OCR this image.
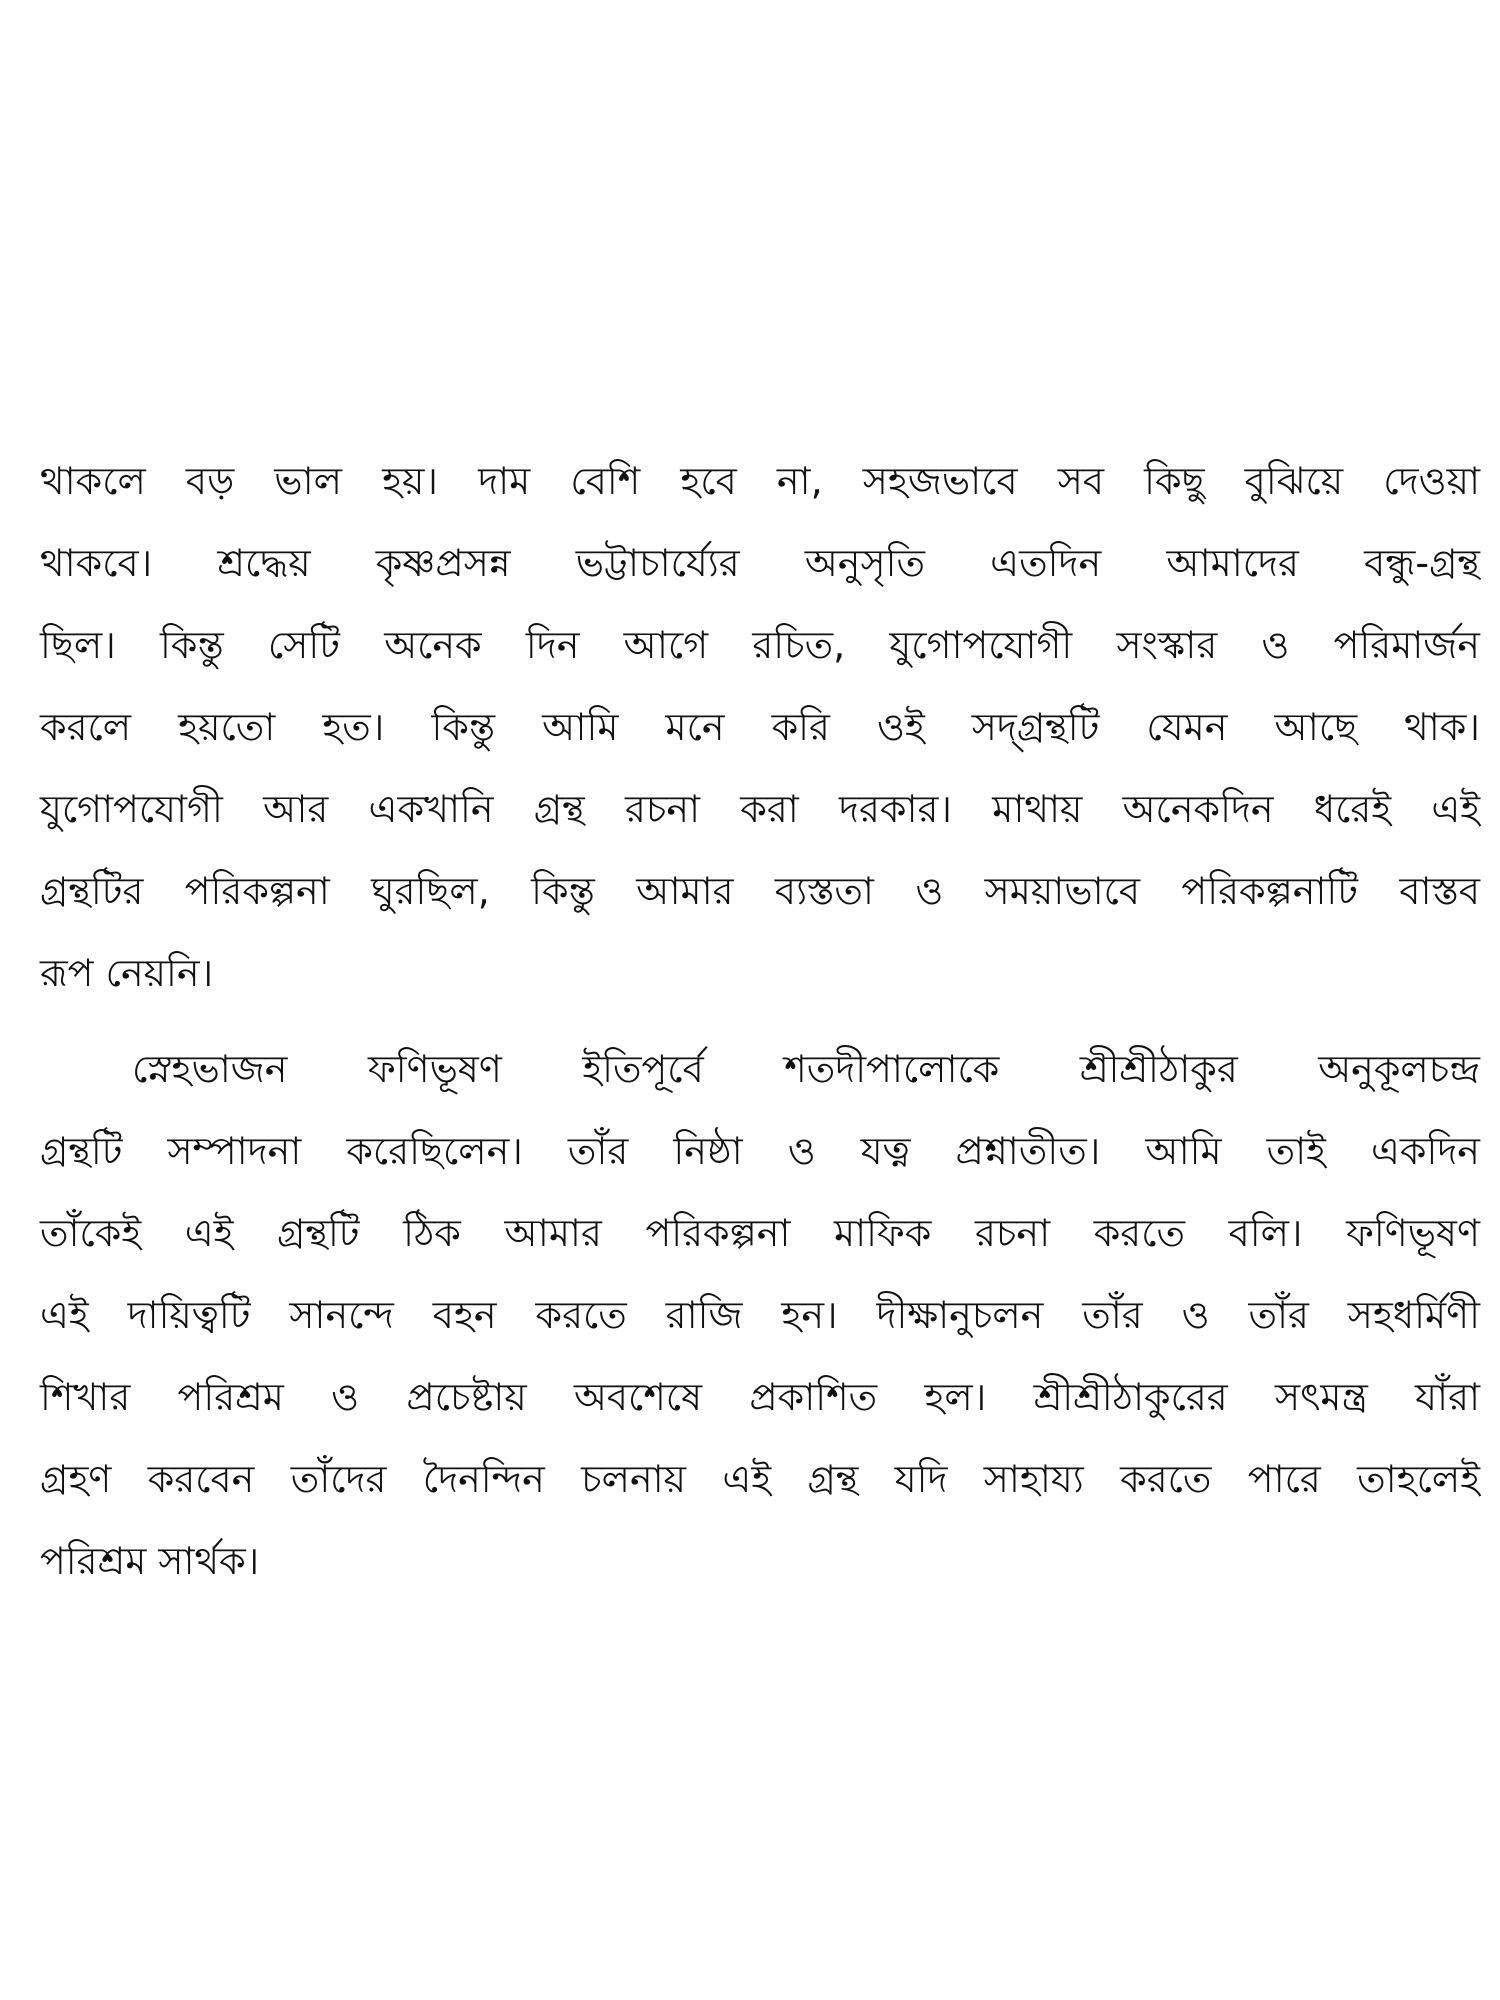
থাকলে বড় ভাল হয়। দাম বেশি হবে না, সহজভাবে সব কিছু বুঝিয়ে দেওয়া
থাকবে। শ্রদ্ধেয় কৃষ্ণপ্রসন্ন ভট্টাচার্য্যের অনুসৃতি এতদিন আমাদের বন্ধু-গ্রন্থ
ছিল। কিন্তু সেটি অনেক দিন আগে রচিত, যুগোপযোগী সংস্কার ও পরিমার্জন
করলে হয়তো হত। কিন্তু আমি মনে করি ওই সদ্গ্রন্থটি যেমন আছে থাক।
যুগোপযোগী আর একখানি গ্রন্থ রচনা করা দরকার। মাথায় অনেকদিন ধরেই এই
গ্রন্থটির পরিকল্পনা ঘুরছিল, কিন্তু আমার ব্যস্ততা ও সময়াভাবে পরিকল্পনাটি বাস্তব
রূপ নেয়নি।
স্নেহভাজন ফণিভূষণ ইতিপূর্বে শতদীপালোকে শ্রীশ্রীঠাকুর অনুকূলচন্দ্র
গ্রন্থটি সম্পাদনা করেছিলেন। তাঁর নিষ্ঠা ও যত্ন প্রশ্নাতীত। আমি তাই একদিন
তাঁকেই এই গ্রন্থটি ঠিক আমার পরিকল্পনা মাফিক রচনা করতে বলি। ফণিভূষণ
এই দায়িত্বটি সানন্দে বহন করতে রাজি হন। দীক্ষানুচলন তাঁর ও তাঁর সহধর্মিণী
শিখার পরিশ্রম ও প্রচেষ্টায় অবশেষে প্রকাশিত হল। শ্রীশ্রীঠাকুরের সৎমন্ত্র যাঁরা
গ্রহণ করবেন তাঁদের দৈনন্দিন চলনায় এই গ্রন্থ যদি সাহায্য করতে পারে তাহলেই
পরিশ্রম সার্থক।
